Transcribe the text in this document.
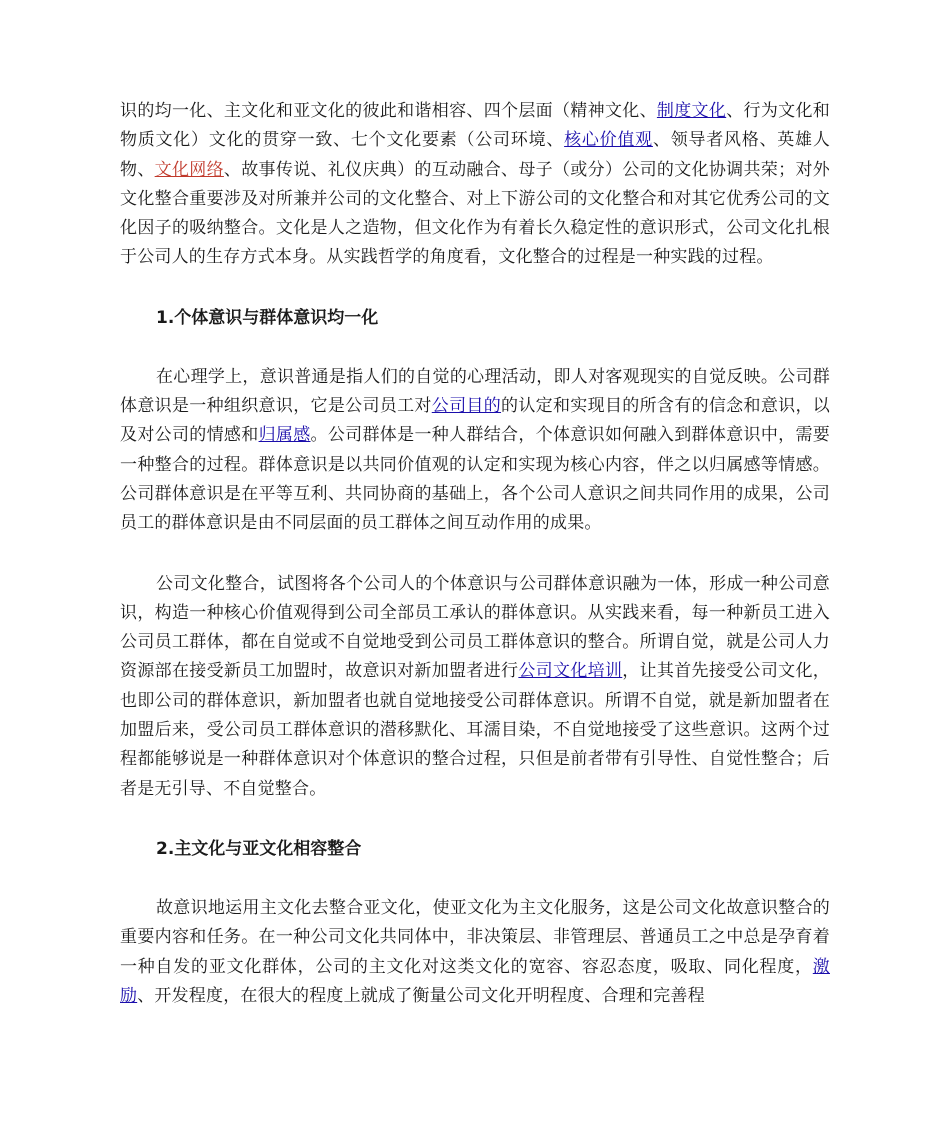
识的均一化、主文化和亚文化的彼此和谐相容、四个层面（精神文化、制度文化、行为文化和物质文化）文化的贯穿一致、七个文化要素（公司环境、核心价值观、领导者风格、英雄人物、文化网络、故事传说、礼仪庆典）的互动融合、母子（或分）公司的文化协调共荣；对外文化整合重要涉及对所兼并公司的文化整合、对上下游公司的文化整合和对其它优秀公司的文化因子的吸纳整合。文化是人之造物，但文化作为有着长久稳定性的意识形式，公司文化扎根于公司人的生存方式本身。从实践哲学的角度看，文化整合的过程是一种实践的过程。

1.个体意识与群体意识均一化

在心理学上，意识普通是指人们的自觉的心理活动，即人对客观现实的自觉反映。公司群体意识是一种组织意识，它是公司员工对公司目的的认定和实现目的所含有的信念和意识，以及对公司的情感和归属感。公司群体是一种人群结合，个体意识如何融入到群体意识中，需要一种整合的过程。群体意识是以共同价值观的认定和实现为核心内容，伴之以归属感等情感。公司群体意识是在平等互利、共同协商的基础上，各个公司人意识之间共同作用的成果，公司员工的群体意识是由不同层面的员工群体之间互动作用的成果。

公司文化整合，试图将各个公司人的个体意识与公司群体意识融为一体，形成一种公司意识，构造一种核心价值观得到公司全部员工承认的群体意识。从实践来看，每一种新员工进入公司员工群体，都在自觉或不自觉地受到公司员工群体意识的整合。所谓自觉，就是公司人力资源部在接受新员工加盟时，故意识对新加盟者进行公司文化培训，让其首先接受公司文化，也即公司的群体意识，新加盟者也就自觉地接受公司群体意识。所谓不自觉，就是新加盟者在加盟后来，受公司员工群体意识的潜移默化、耳濡目染，不自觉地接受了这些意识。这两个过程都能够说是一种群体意识对个体意识的整合过程，只但是前者带有引导性、自觉性整合；后者是无引导、不自觉整合。

2.主文化与亚文化相容整合

故意识地运用主文化去整合亚文化，使亚文化为主文化服务，这是公司文化故意识整合的重要内容和任务。在一种公司文化共同体中，非决策层、非管理层、普通员工之中总是孕育着一种自发的亚文化群体，公司的主文化对这类文化的宽容、容忍态度，吸取、同化程度，激励、开发程度，在很大的程度上就成了衡量公司文化开明程度、合理和完善程
